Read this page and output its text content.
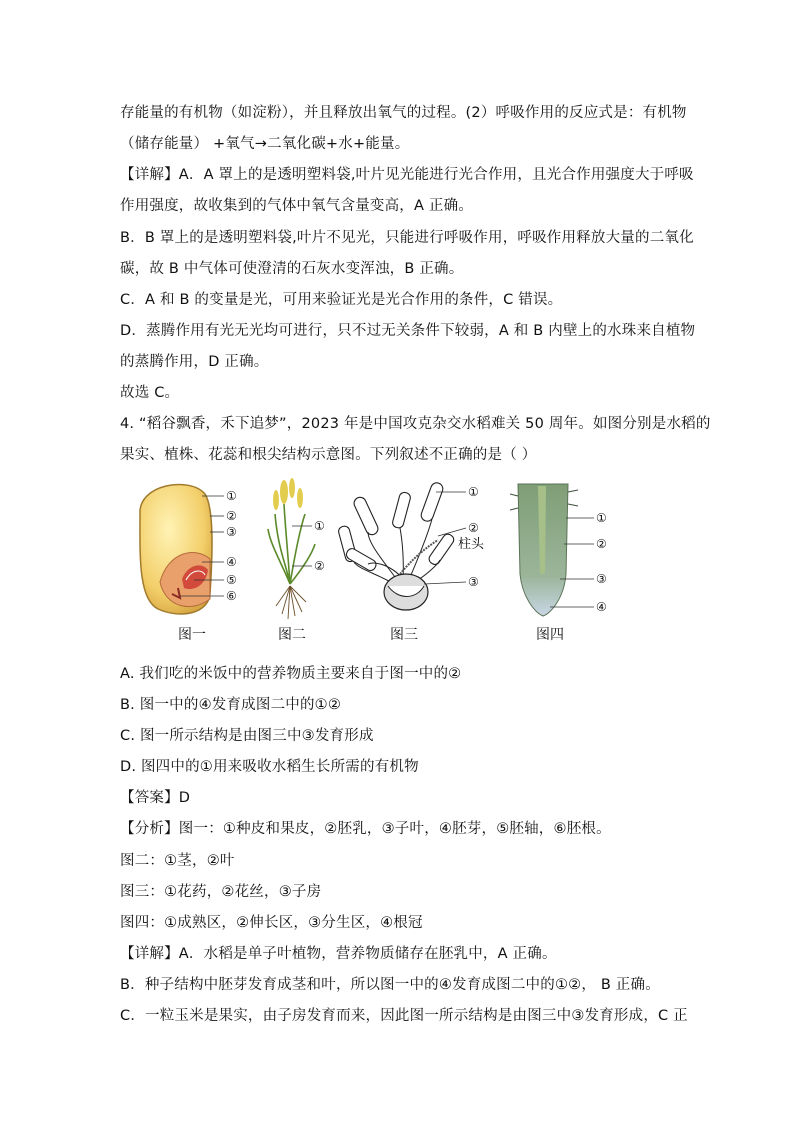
存能量的有机物（如淀粉），并且释放出氧气的过程。(2）呼吸作用的反应式是：有机物
（储存能量） +氧气→二氧化碳+水+能量。
【详解】A．A 罩上的是透明塑料袋,叶片见光能进行光合作用，且光合作用强度大于呼吸
作用强度，故收集到的气体中氧气含量变高，A 正确。
B．B 罩上的是透明塑料袋,叶片不见光，只能进行呼吸作用，呼吸作用释放大量的二氧化
碳，故 B 中气体可使澄清的石灰水变浑浊，B 正确。
C．A 和 B 的变量是光，可用来验证光是光合作用的条件，C 错误。
D．蒸腾作用有光无光均可进行，只不过无关条件下较弱，A 和 B 内壁上的水珠来自植物
的蒸腾作用，D 正确。
故选 C。
4. “稻谷飘香，禾下追梦”，2023 年是中国攻克杂交水稻难关 50 周年。如图分别是水稻的
果实、植株、花蕊和根尖结构示意图。下列叙述不正确的是（ ）
①
②
③
④
⑤
⑥
①
②
①
②
③
柱头
①
②
③
④
图一	图二	图三	图四
A. 我们吃的米饭中的营养物质主要来自于图一中的②
B. 图一中的④发育成图二中的①②
C. 图一所示结构是由图三中③发育形成
D. 图四中的①用来吸收水稻生长所需的有机物
【答案】D
【分析】图一：①种皮和果皮，②胚乳，③子叶，④胚芽，⑤胚轴，⑥胚根。
图二：①茎，②叶
图三：①花药，②花丝，③子房
图四：①成熟区，②伸长区，③分生区，④根冠
【详解】A．水稻是单子叶植物，营养物质储存在胚乳中，A 正确。
B．种子结构中胚芽发育成茎和叶，所以图一中的④发育成图二中的①②， B 正确。
C．一粒玉米是果实，由子房发育而来，因此图一所示结构是由图三中③发育形成，C 正
